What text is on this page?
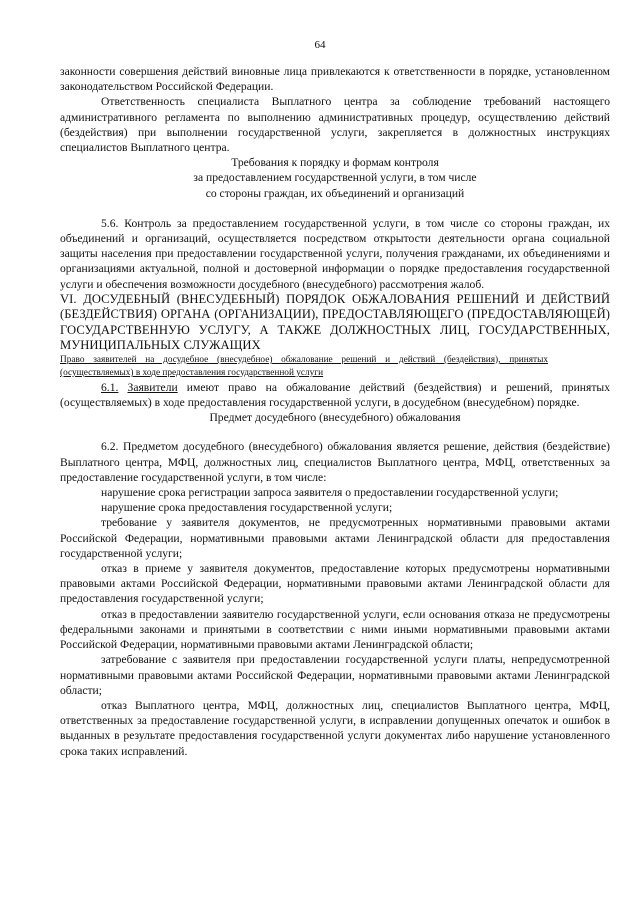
64

законности совершения действий виновные лица привлекаются к ответственности в порядке, установленном законодательством Российской Федерации.

Ответственность специалиста Выплатного центра за соблюдение требований настоящего административного регламента по выполнению административных процедур, осуществлению действий (бездействия) при выполнении государственной услуги, закрепляется в должностных инструкциях специалистов Выплатного центра.

Требования к порядку и формам контроля

за предоставлением государственной услуги, в том числе

со стороны граждан, их объединений и организаций

5.6. Контроль за предоставлением государственной услуги, в том числе со стороны граждан, их объединений и организаций, осуществляется посредством открытости деятельности органа социальной защиты населения при предоставлении государственной услуги, получения гражданами, их объединениями и организациями актуальной, полной и достоверной информации о порядке предоставления государственной услуги и обеспечения возможности досудебного (внесудебного) рассмотрения жалоб.

VI. ДОСУДЕБНЫЙ (ВНЕСУДЕБНЫЙ) ПОРЯДОК ОБЖАЛОВАНИЯ РЕШЕНИЙ И ДЕЙСТВИЙ (БЕЗДЕЙСТВИЯ) ОРГАНА (ОРГАНИЗАЦИИ), ПРЕДОСТАВЛЯЮЩЕГО (ПРЕДОСТАВЛЯЮЩЕЙ) ГОСУДАРСТВЕННУЮ УСЛУГУ, А ТАКЖЕ ДОЛЖНОСТНЫХ ЛИЦ, ГОСУДАРСТВЕННЫХ, МУНИЦИПАЛЬНЫХ СЛУЖАЩИХ

Право заявителей на досудебное (внесудебное) обжалование решений и действий (бездействия), принятых (осуществляемых) в ходе предоставления государственной услуги

6.1. Заявители имеют право на обжалование действий (бездействия) и решений, принятых (осуществляемых) в ходе предоставления государственной услуги, в досудебном (внесудебном) порядке.

Предмет досудебного (внесудебного) обжалования

6.2. Предметом досудебного (внесудебного) обжалования является решение, действия (бездействие) Выплатного центра, МФЦ, должностных лиц, специалистов Выплатного центра, МФЦ, ответственных за предоставление государственной услуги, в том числе:

нарушение срока регистрации запроса заявителя о предоставлении государственной услуги;

нарушение срока предоставления государственной услуги;

требование у заявителя документов, не предусмотренных нормативными правовыми актами Российской Федерации, нормативными правовыми актами Ленинградской области для предоставления государственной услуги;

отказ в приеме у заявителя документов, предоставление которых предусмотрены нормативными правовыми актами Российской Федерации, нормативными правовыми актами Ленинградской области для предоставления государственной услуги;

отказ в предоставлении заявителю государственной услуги, если основания отказа не предусмотрены федеральными законами и принятыми в соответствии с ними иными нормативными правовыми актами Российской Федерации, нормативными правовыми актами Ленинградской области;

затребование с заявителя при предоставлении государственной услуги платы, непредусмотренной нормативными правовыми актами Российской Федерации, нормативными правовыми актами Ленинградской области;

отказ Выплатного центра, МФЦ, должностных лиц, специалистов Выплатного центра, МФЦ, ответственных за предоставление государственной услуги, в исправлении допущенных опечаток и ошибок в выданных в результате предоставления государственной услуги документах либо нарушение установленного срока таких исправлений.
